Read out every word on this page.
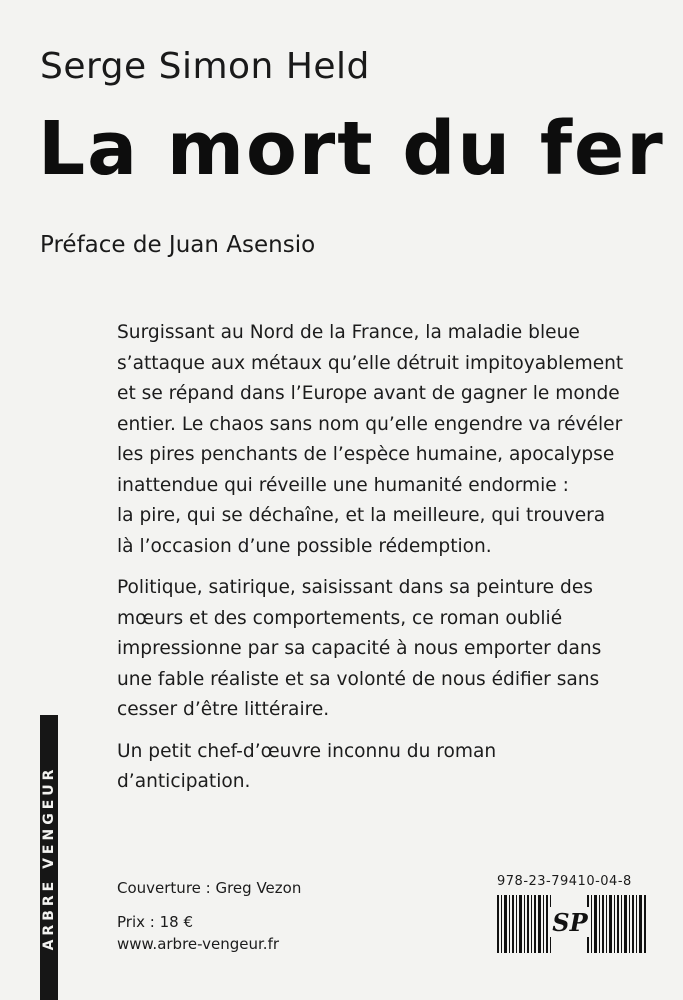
Serge Simon Held
La mort du fer
Préface de Juan Asensio

Surgissant au Nord de la France, la maladie bleue
s’attaque aux métaux qu’elle détruit impitoyablement
et se répand dans l’Europe avant de gagner le monde
entier. Le chaos sans nom qu’elle engendre va révéler
les pires penchants de l’espèce humaine, apocalypse
inattendue qui réveille une humanité endormie :
la pire, qui se déchaîne, et la meilleure, qui trouvera
là l’occasion d’une possible rédemption.

Politique, satirique, saisissant dans sa peinture des
mœurs et des comportements, ce roman oublié
impressionne par sa capacité à nous emporter dans
une fable réaliste et sa volonté de nous édifier sans
cesser d’être littéraire.

Un petit chef-d’œuvre inconnu du roman
d’anticipation.

ARBRE VENGEUR	Couverture : Greg Vezon
Prix : 18 €
www.arbre-vengeur.fr
978-23-79410-04-8
SP
